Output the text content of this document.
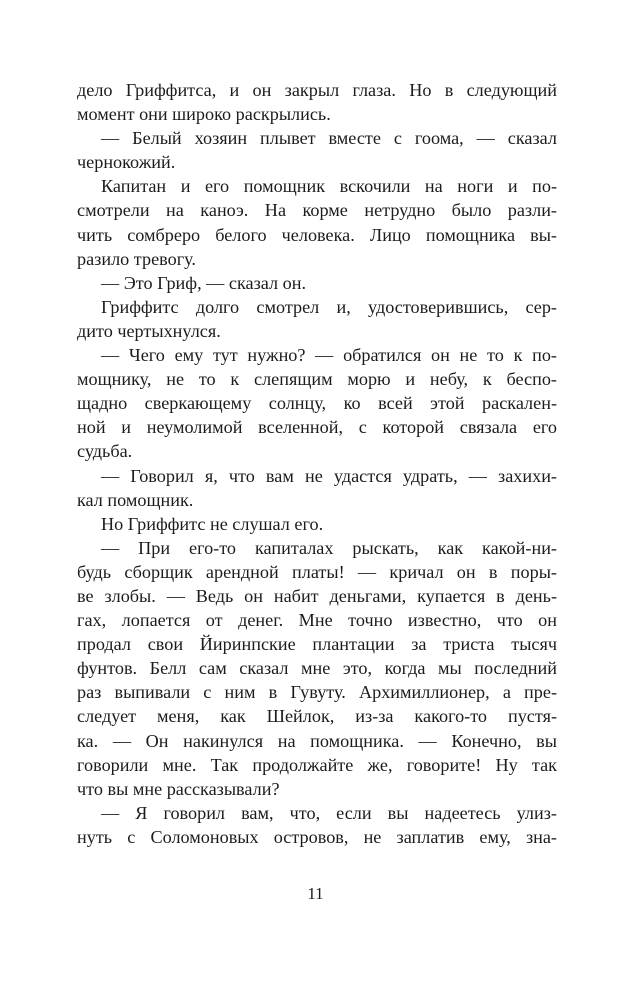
дело Гриффитса, и он закрыл глаза. Но в следующий
момент они широко раскрылись.
— Белый хозяин плывет вместе с гоома, — сказал
чернокожий.
Капитан и его помощник вскочили на ноги и по-
смотрели на каноэ. На корме нетрудно было разли-
чить сомбреро белого человека. Лицо помощника вы-
разило тревогу.
— Это Гриф, — сказал он.
Гриффитс долго смотрел и, удостоверившись, сер-
дито чертыхнулся.
— Чего ему тут нужно? — обратился он не то к по-
мощнику, не то к слепящим морю и небу, к беспо-
щадно сверкающему солнцу, ко всей этой раскален-
ной и неумолимой вселенной, с которой связала его
судьба.
— Говорил я, что вам не удастся удрать, — захихи-
кал помощник.
Но Гриффитс не слушал его.
— При его-то капиталах рыскать, как какой-ни-
будь сборщик арендной платы! — кричал он в поры-
ве злобы. — Ведь он набит деньгами, купается в день-
гах, лопается от денег. Мне точно известно, что он
продал свои Йиринпские плантации за триста тысяч
фунтов. Белл сам сказал мне это, когда мы последний
раз выпивали с ним в Гувуту. Архимиллионер, а пре-
следует меня, как Шейлок, из-за какого-то пустя-
ка. — Он накинулся на помощника. — Конечно, вы
говорили мне. Так продолжайте же, говорите! Ну так
что вы мне рассказывали?
— Я говорил вам, что, если вы надеетесь улиз-
нуть с Соломоновых островов, не заплатив ему, зна-
11
